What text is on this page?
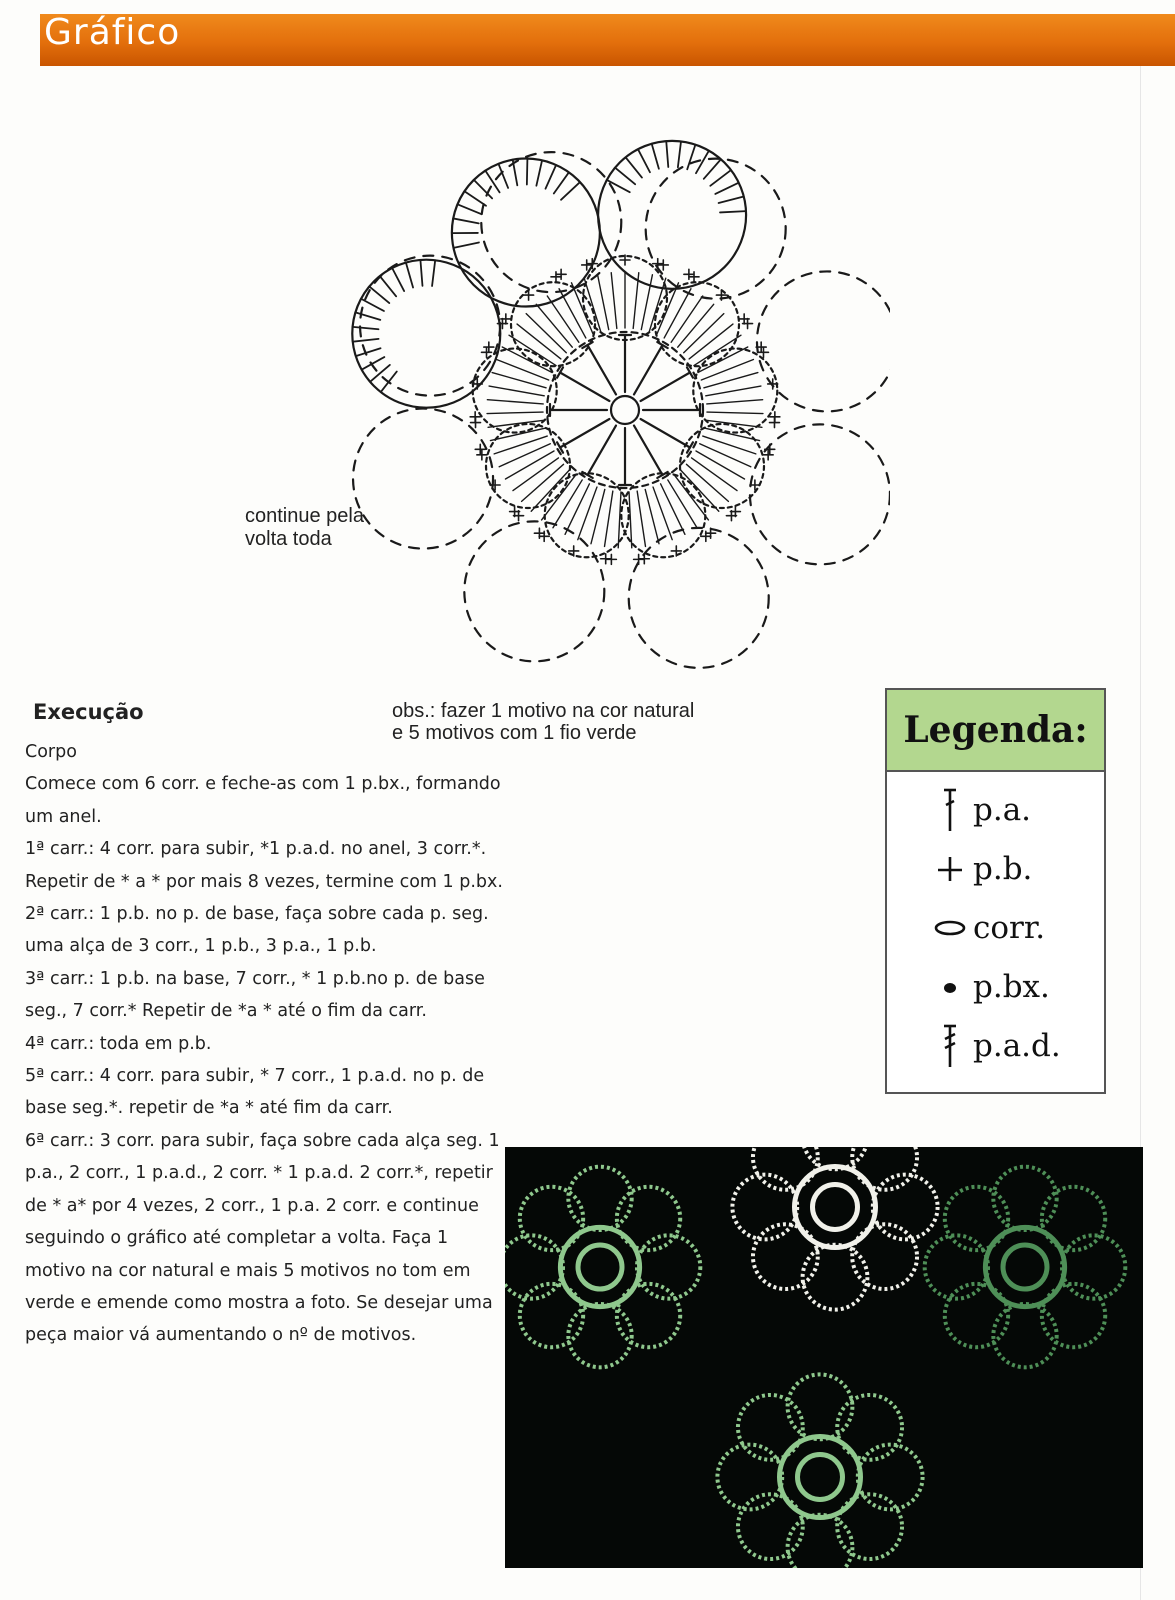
Gráfico
continue pela
volta toda
obs.: fazer 1 motivo na cor natural
e 5 motivos com 1 fio verde
Execução

Corpo

Comece com 6 corr. e feche-as com 1 p.bx., formando um anel.

1ª carr.: 4 corr. para subir, *1 p.a.d. no anel, 3 corr.*. Repetir de * a * por mais 8 vezes, termine com 1 p.bx.

2ª carr.: 1 p.b. no p. de base, faça sobre cada p. seg. uma alça de 3 corr., 1 p.b., 3 p.a., 1 p.b.

3ª carr.: 1 p.b. na base, 7 corr., * 1 p.b.no p. de base seg., 7 corr.* Repetir de *a * até o fim da carr.

4ª carr.: toda em p.b.

5ª carr.: 4 corr. para subir, * 7 corr., 1 p.a.d. no p. de base seg.*. repetir de *a * até fim da carr.

6ª carr.: 3 corr. para subir, faça sobre cada alça seg. 1 p.a., 2 corr., 1 p.a.d., 2 corr. * 1 p.a.d. 2 corr.*, repetir de * a* por 4 vezes, 2 corr., 1 p.a. 2 corr. e continue seguindo o gráfico até completar a volta. Faça 1 motivo na cor natural e mais 5 motivos no tom em verde e emende como mostra a foto. Se desejar uma peça maior vá aumentando o nº de motivos.

Legenda:
p.a.
p.b.
corr.
p.bx.
p.a.d.
